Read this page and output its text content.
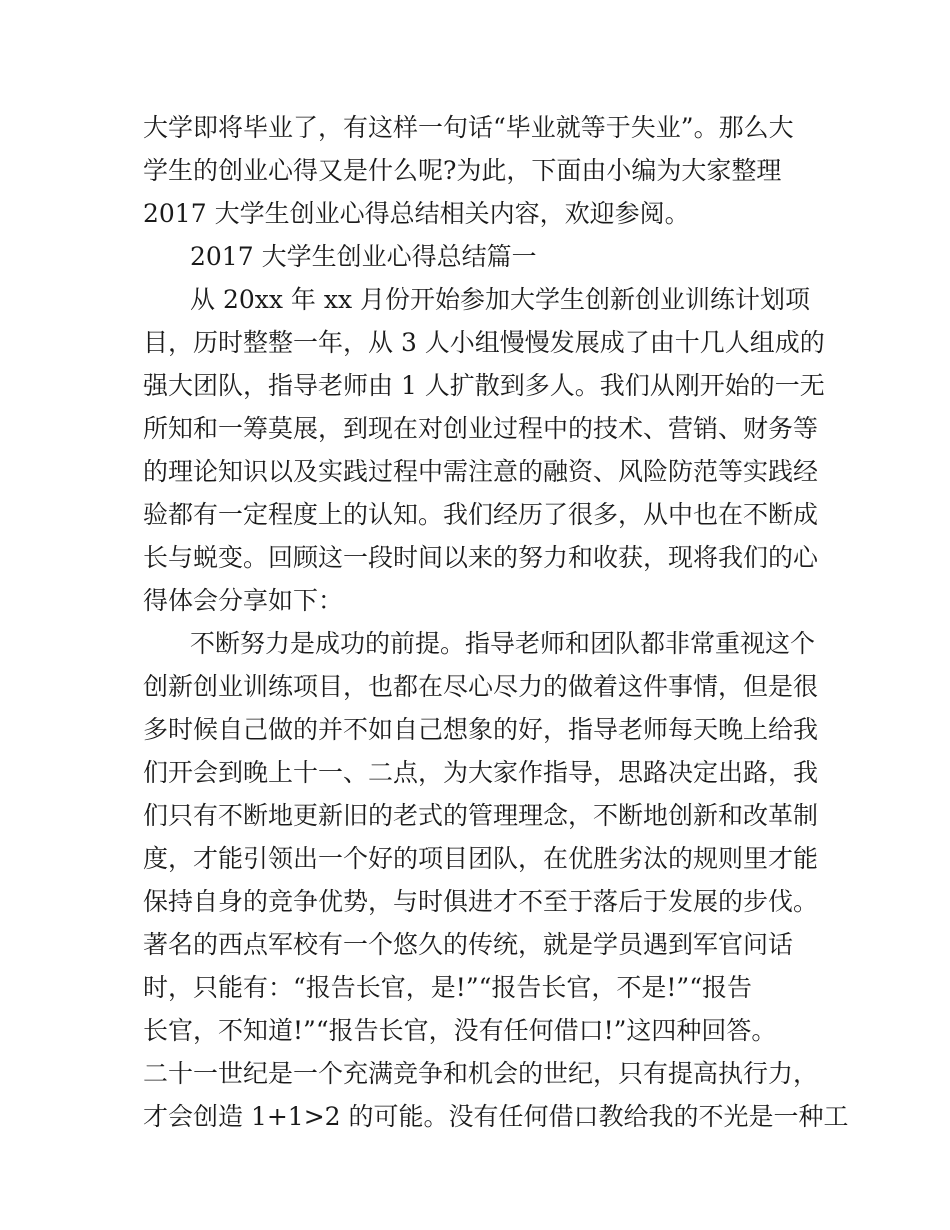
大学即将毕业了，有这样一句话“毕业就等于失业”。那么大
学生的创业心得又是什么呢?为此，下面由小编为大家整理
2017 大学生创业心得总结相关内容，欢迎参阅。
2017 大学生创业心得总结篇一
从 20xx 年 xx 月份开始参加大学生创新创业训练计划项
目，历时整整一年，从 3 人小组慢慢发展成了由十几人组成的
强大团队，指导老师由 1 人扩散到多人。我们从刚开始的一无
所知和一筹莫展，到现在对创业过程中的技术、营销、财务等
的理论知识以及实践过程中需注意的融资、风险防范等实践经
验都有一定程度上的认知。我们经历了很多，从中也在不断成
长与蜕变。回顾这一段时间以来的努力和收获，现将我们的心
得体会分享如下：
不断努力是成功的前提。指导老师和团队都非常重视这个
创新创业训练项目，也都在尽心尽力的做着这件事情，但是很
多时候自己做的并不如自己想象的好，指导老师每天晚上给我
们开会到晚上十一、二点，为大家作指导，思路决定出路，我
们只有不断地更新旧的老式的管理理念，不断地创新和改革制
度，才能引领出一个好的项目团队，在优胜劣汰的规则里才能
保持自身的竞争优势，与时俱进才不至于落后于发展的步伐。
著名的西点军校有一个悠久的传统，就是学员遇到军官问话
时，只能有：“报告长官，是!”“报告长官，不是!”“报告
长官，不知道!”“报告长官，没有任何借口!”这四种回答。
二十一世纪是一个充满竞争和机会的世纪，只有提高执行力，
才会创造 1+1>2 的可能。没有任何借口教给我的不光是一种工
